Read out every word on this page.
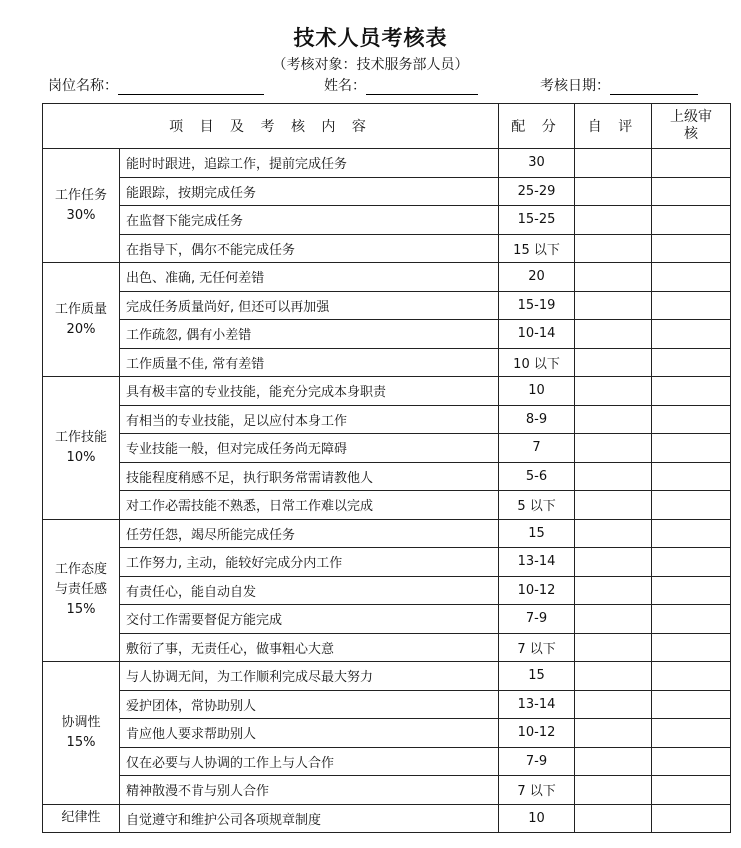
技术人员考核表
（考核对象：技术服务部人员）
岗位名称：	姓名：	考核日期：
项 目 及 考 核 内 容		配 分	自 评	上级审
核

工作任务
30%	能时时跟进，追踪工作，提前完成任务	30		
	能跟踪，按期完成任务	25-29		
	在监督下能完成任务	15-25		
	在指导下，偶尔不能完成任务	15 以下		

工作质量
20%	出色、准确, 无任何差错	20		
	完成任务质量尚好, 但还可以再加强	15-19		
	工作疏忽, 偶有小差错	10-14		
	工作质量不佳, 常有差错	10 以下		

工作技能
10%	具有极丰富的专业技能，能充分完成本身职责	10		
	有相当的专业技能，足以应付本身工作	8-9		
	专业技能一般，但对完成任务尚无障碍	7		
	技能程度稍感不足，执行职务常需请教他人	5-6		
	对工作必需技能不熟悉，日常工作难以完成	5 以下		

工作态度
与责任感
15%	任劳任怨，竭尽所能完成任务	15		
	工作努力, 主动，能较好完成分内工作	13-14		
	有责任心，能自动自发	10-12		
	交付工作需要督促方能完成	7-9		
	敷衍了事，无责任心，做事粗心大意	7 以下		

协调性
15%	与人协调无间，为工作顺利完成尽最大努力	15		
	爱护团体，常协助别人	13-14		
	肯应他人要求帮助别人	10-12		
	仅在必要与人协调的工作上与人合作	7-9		
	精神散漫不肯与别人合作	7 以下		

纪律性	自觉遵守和维护公司各项规章制度	10		
